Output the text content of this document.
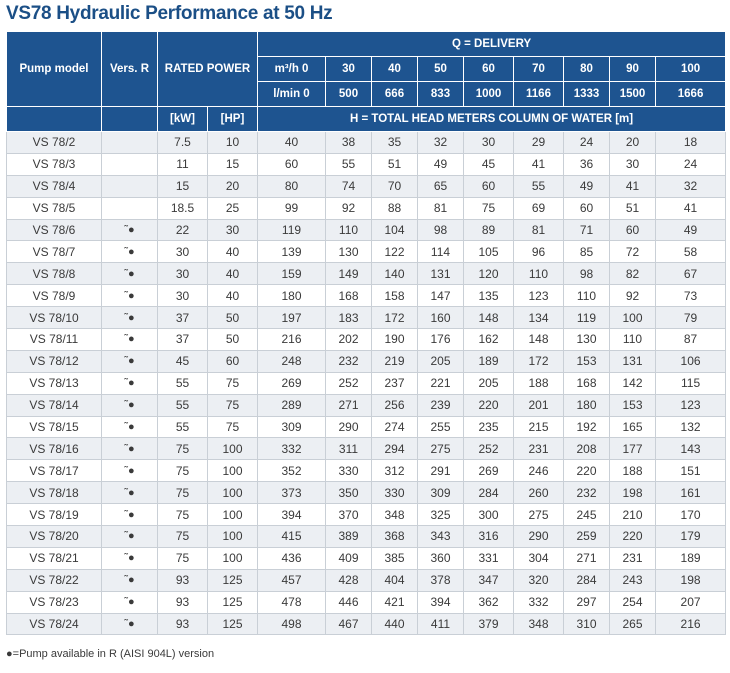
VS78 Hydraulic Performance at 50 Hz
Pump model	Vers. R	RATED POWER		Q = DELIVERY								
				m³/h 0	30	40	50	60	70	80	90	100
				l/min 0	500	666	833	1000	1166	1333	1500	1666
		[kW]	[HP]	H = TOTAL HEAD METERS COLUMN OF WATER [m]								
VS 78/2		7.5	10	40	38	35	32	30	29	24	20	18
VS 78/3		11	15	60	55	51	49	45	41	36	30	24
VS 78/4		15	20	80	74	70	65	60	55	49	41	32
VS 78/5		18.5	25	99	92	88	81	75	69	60	51	41
VS 78/6	˜●	22	30	119	110	104	98	89	81	71	60	49
VS 78/7	˜●	30	40	139	130	122	114	105	96	85	72	58
VS 78/8	˜●	30	40	159	149	140	131	120	110	98	82	67
VS 78/9	˜●	30	40	180	168	158	147	135	123	110	92	73
VS 78/10	˜●	37	50	197	183	172	160	148	134	119	100	79
VS 78/11	˜●	37	50	216	202	190	176	162	148	130	110	87
VS 78/12	˜●	45	60	248	232	219	205	189	172	153	131	106
VS 78/13	˜●	55	75	269	252	237	221	205	188	168	142	115
VS 78/14	˜●	55	75	289	271	256	239	220	201	180	153	123
VS 78/15	˜●	55	75	309	290	274	255	235	215	192	165	132
VS 78/16	˜●	75	100	332	311	294	275	252	231	208	177	143
VS 78/17	˜●	75	100	352	330	312	291	269	246	220	188	151
VS 78/18	˜●	75	100	373	350	330	309	284	260	232	198	161
VS 78/19	˜●	75	100	394	370	348	325	300	275	245	210	170
VS 78/20	˜●	75	100	415	389	368	343	316	290	259	220	179
VS 78/21	˜●	75	100	436	409	385	360	331	304	271	231	189
VS 78/22	˜●	93	125	457	428	404	378	347	320	284	243	198
VS 78/23	˜●	93	125	478	446	421	394	362	332	297	254	207
VS 78/24	˜●	93	125	498	467	440	411	379	348	310	265	216
●=Pump available in R (AISI 904L) version
